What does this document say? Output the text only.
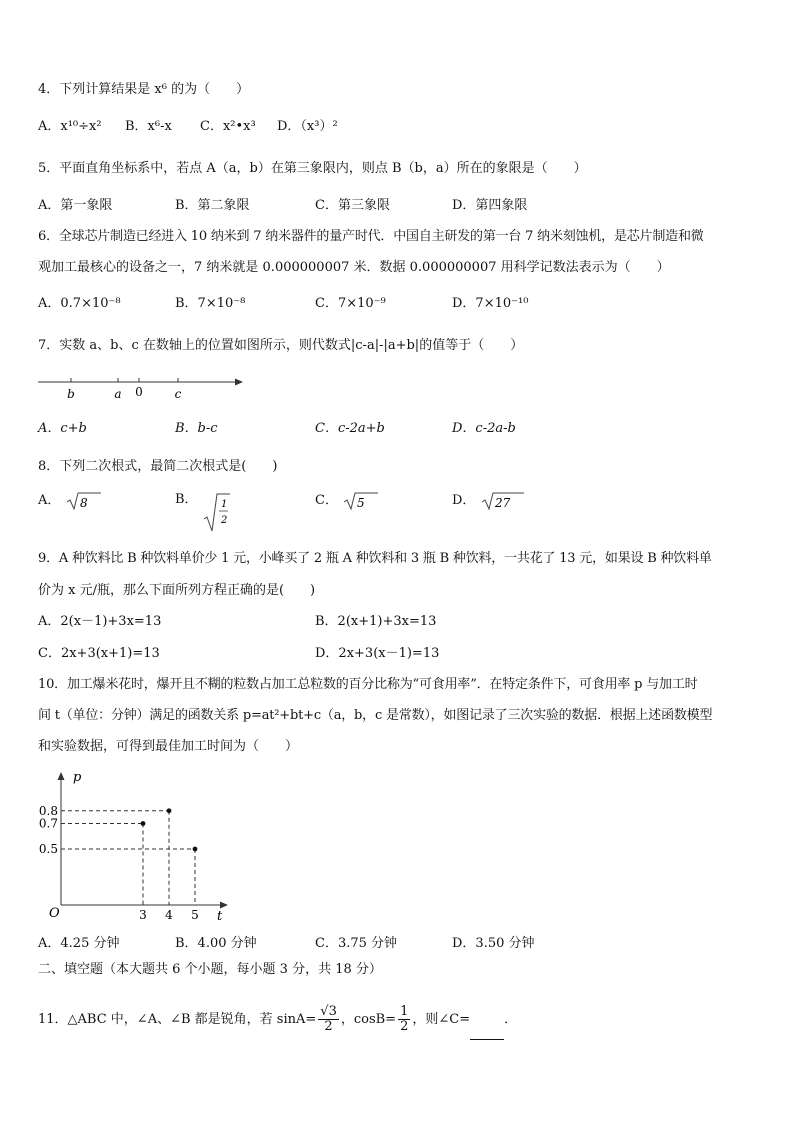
4．下列计算结果是 x⁶ 的为（　　）
A．x¹⁰÷x² B．x⁶-x C．x²•x³ D．（x³）²
5．平面直角坐标系中，若点 A（a，b）在第三象限内，则点 B（b，a）所在的象限是（　　）
A．第一象限	B．第二象限	C．第三象限	D．第四象限
6．全球芯片制造已经进入 10 纳米到 7 纳米器件的量产时代．中国自主研发的第一台 7 纳米刻蚀机，是芯片制造和微
观加工最核心的设备之一，7 纳米就是 0.000000007 米．数据 0.000000007 用科学记数法表示为（　　）
A．0.7×10⁻⁸	B．7×10⁻⁸	C．7×10⁻⁹	D．7×10⁻¹⁰
7．实数 a、b、c 在数轴上的位置如图所示，则代数式|c-a|-|a+b|的值等于（　　）
b	a 0	c
A．c+b	B．b-c	C．c-2a+b	D．c-2a-b
8．下列二次根式，最简二次根式是(　　)
A． 8	B． 1
2
C． 5	D． 27
9．A 种饮料比 B 种饮料单价少 1 元，小峰买了 2 瓶 A 种饮料和 3 瓶 B 种饮料，一共花了 13 元，如果设 B 种饮料单
价为 x 元/瓶，那么下面所列方程正确的是(　　)
A．2(x－1)+3x=13	B．2(x+1)+3x=13
C．2x+3(x+1)=13	D．2x+3(x－1)=13
10．加工爆米花时，爆开且不糊的粒数占加工总粒数的百分比称为“可食用率”．在特定条件下，可食用率 p 与加工时
间 t（单位：分钟）满足的函数关系 p=at²+bt+c（a，b，c 是常数），如图记录了三次实验的数据．根据上述函数模型
和实验数据，可得到最佳加工时间为（　　）
p
t
O	3 4 5
0.8
0.7
0.5
A．4.25 分钟	B．4.00 分钟	C．3.75 分钟	D．3.50 分钟
二、填空题（本大题共 6 个小题，每小题 3 分，共 18 分）
11．△ABC 中，∠A、∠B 都是锐角，若 $\sin A= \frac{√3}{2}$ ，$\cos B= \frac{1}{2}$ ，则∠C=	．
